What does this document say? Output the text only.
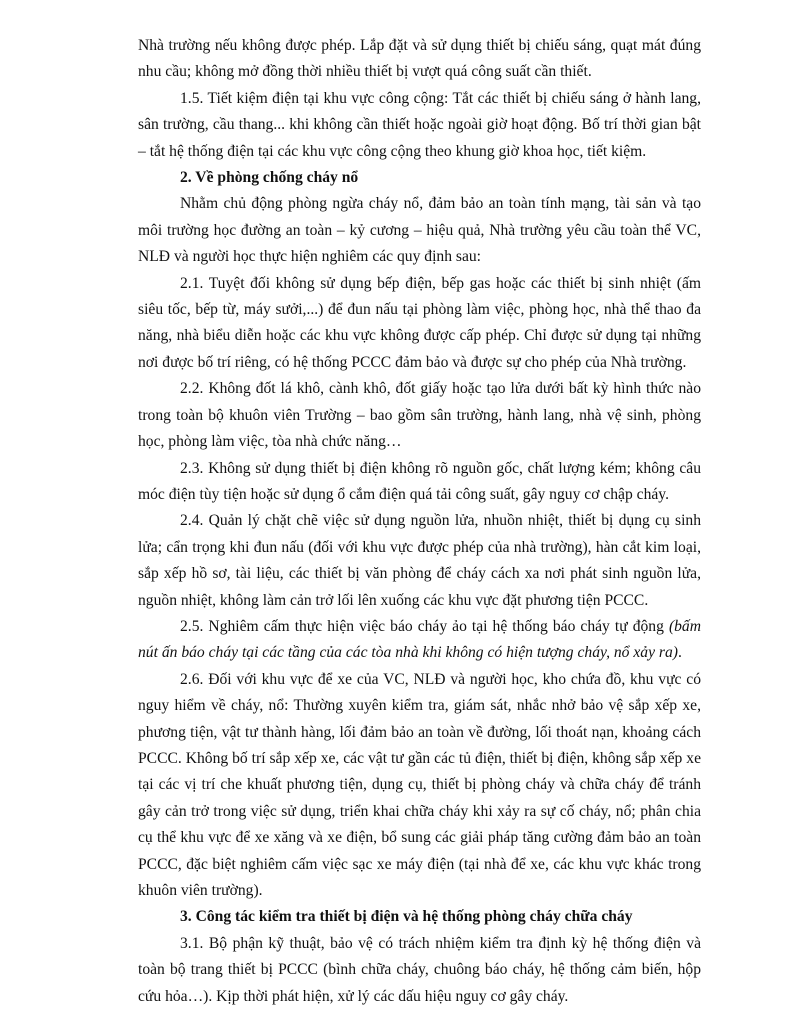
Nhà trường nếu không được phép. Lắp đặt và sử dụng thiết bị chiếu sáng, quạt mát đúng nhu cầu; không mở đồng thời nhiều thiết bị vượt quá công suất cần thiết.

1.5. Tiết kiệm điện tại khu vực công cộng: Tắt các thiết bị chiếu sáng ở hành lang, sân trường, cầu thang... khi không cần thiết hoặc ngoài giờ hoạt động. Bố trí thời gian bật – tắt hệ thống điện tại các khu vực công cộng theo khung giờ khoa học, tiết kiệm.

2. Về phòng chống cháy nổ

Nhằm chủ động phòng ngừa cháy nổ, đảm bảo an toàn tính mạng, tài sản và tạo môi trường học đường an toàn – kỷ cương – hiệu quả, Nhà trường yêu cầu toàn thể VC, NLĐ và người học thực hiện nghiêm các quy định sau:

2.1. Tuyệt đối không sử dụng bếp điện, bếp gas hoặc các thiết bị sinh nhiệt (ấm siêu tốc, bếp từ, máy sưởi,...) để đun nấu tại phòng làm việc, phòng học, nhà thể thao đa năng, nhà biểu diễn hoặc các khu vực không được cấp phép. Chỉ được sử dụng tại những nơi được bố trí riêng, có hệ thống PCCC đảm bảo và được sự cho phép của Nhà trường.

2.2. Không đốt lá khô, cành khô, đốt giấy hoặc tạo lửa dưới bất kỳ hình thức nào trong toàn bộ khuôn viên Trường – bao gồm sân trường, hành lang, nhà vệ sinh, phòng học, phòng làm việc, tòa nhà chức năng…

2.3. Không sử dụng thiết bị điện không rõ nguồn gốc, chất lượng kém; không câu móc điện tùy tiện hoặc sử dụng ổ cắm điện quá tải công suất, gây nguy cơ chập cháy.

2.4. Quản lý chặt chẽ việc sử dụng nguồn lửa, nhuồn nhiệt, thiết bị dụng cụ sinh lửa; cẩn trọng khi đun nấu (đối với khu vực được phép của nhà trường), hàn cắt kim loại, sắp xếp hồ sơ, tài liệu, các thiết bị văn phòng để cháy cách xa nơi phát sinh nguồn lửa, nguồn nhiệt, không làm cản trở lối lên xuống các khu vực đặt phương tiện PCCC.

2.5. Nghiêm cấm thực hiện việc báo cháy ảo tại hệ thống báo cháy tự động (bấm nút ấn báo cháy tại các tầng của các tòa nhà khi không có hiện tượng cháy, nổ xảy ra).

2.6. Đối với khu vực để xe của VC, NLĐ và người học, kho chứa đồ, khu vực có nguy hiểm về cháy, nổ: Thường xuyên kiểm tra, giám sát, nhắc nhở bảo vệ sắp xếp xe, phương tiện, vật tư thành hàng, lối đảm bảo an toàn về đường, lối thoát nạn, khoảng cách PCCC. Không bố trí sắp xếp xe, các vật tư gần các tủ điện, thiết bị điện, không sắp xếp xe tại các vị trí che khuất phương tiện, dụng cụ, thiết bị phòng cháy và chữa cháy để tránh gây cản trở trong việc sử dụng, triển khai chữa cháy khi xảy ra sự cố cháy, nổ; phân chia cụ thể khu vực để xe xăng và xe điện, bổ sung các giải pháp tăng cường đảm bảo an toàn PCCC, đặc biệt nghiêm cấm việc sạc xe máy điện (tại nhà để xe, các khu vực khác trong khuôn viên trường).

3. Công tác kiểm tra thiết bị điện và hệ thống phòng cháy chữa cháy

3.1. Bộ phận kỹ thuật, bảo vệ có trách nhiệm kiểm tra định kỳ hệ thống điện và toàn bộ trang thiết bị PCCC (bình chữa cháy, chuông báo cháy, hệ thống cảm biến, hộp cứu hỏa…). Kịp thời phát hiện, xử lý các dấu hiệu nguy cơ gây cháy.
